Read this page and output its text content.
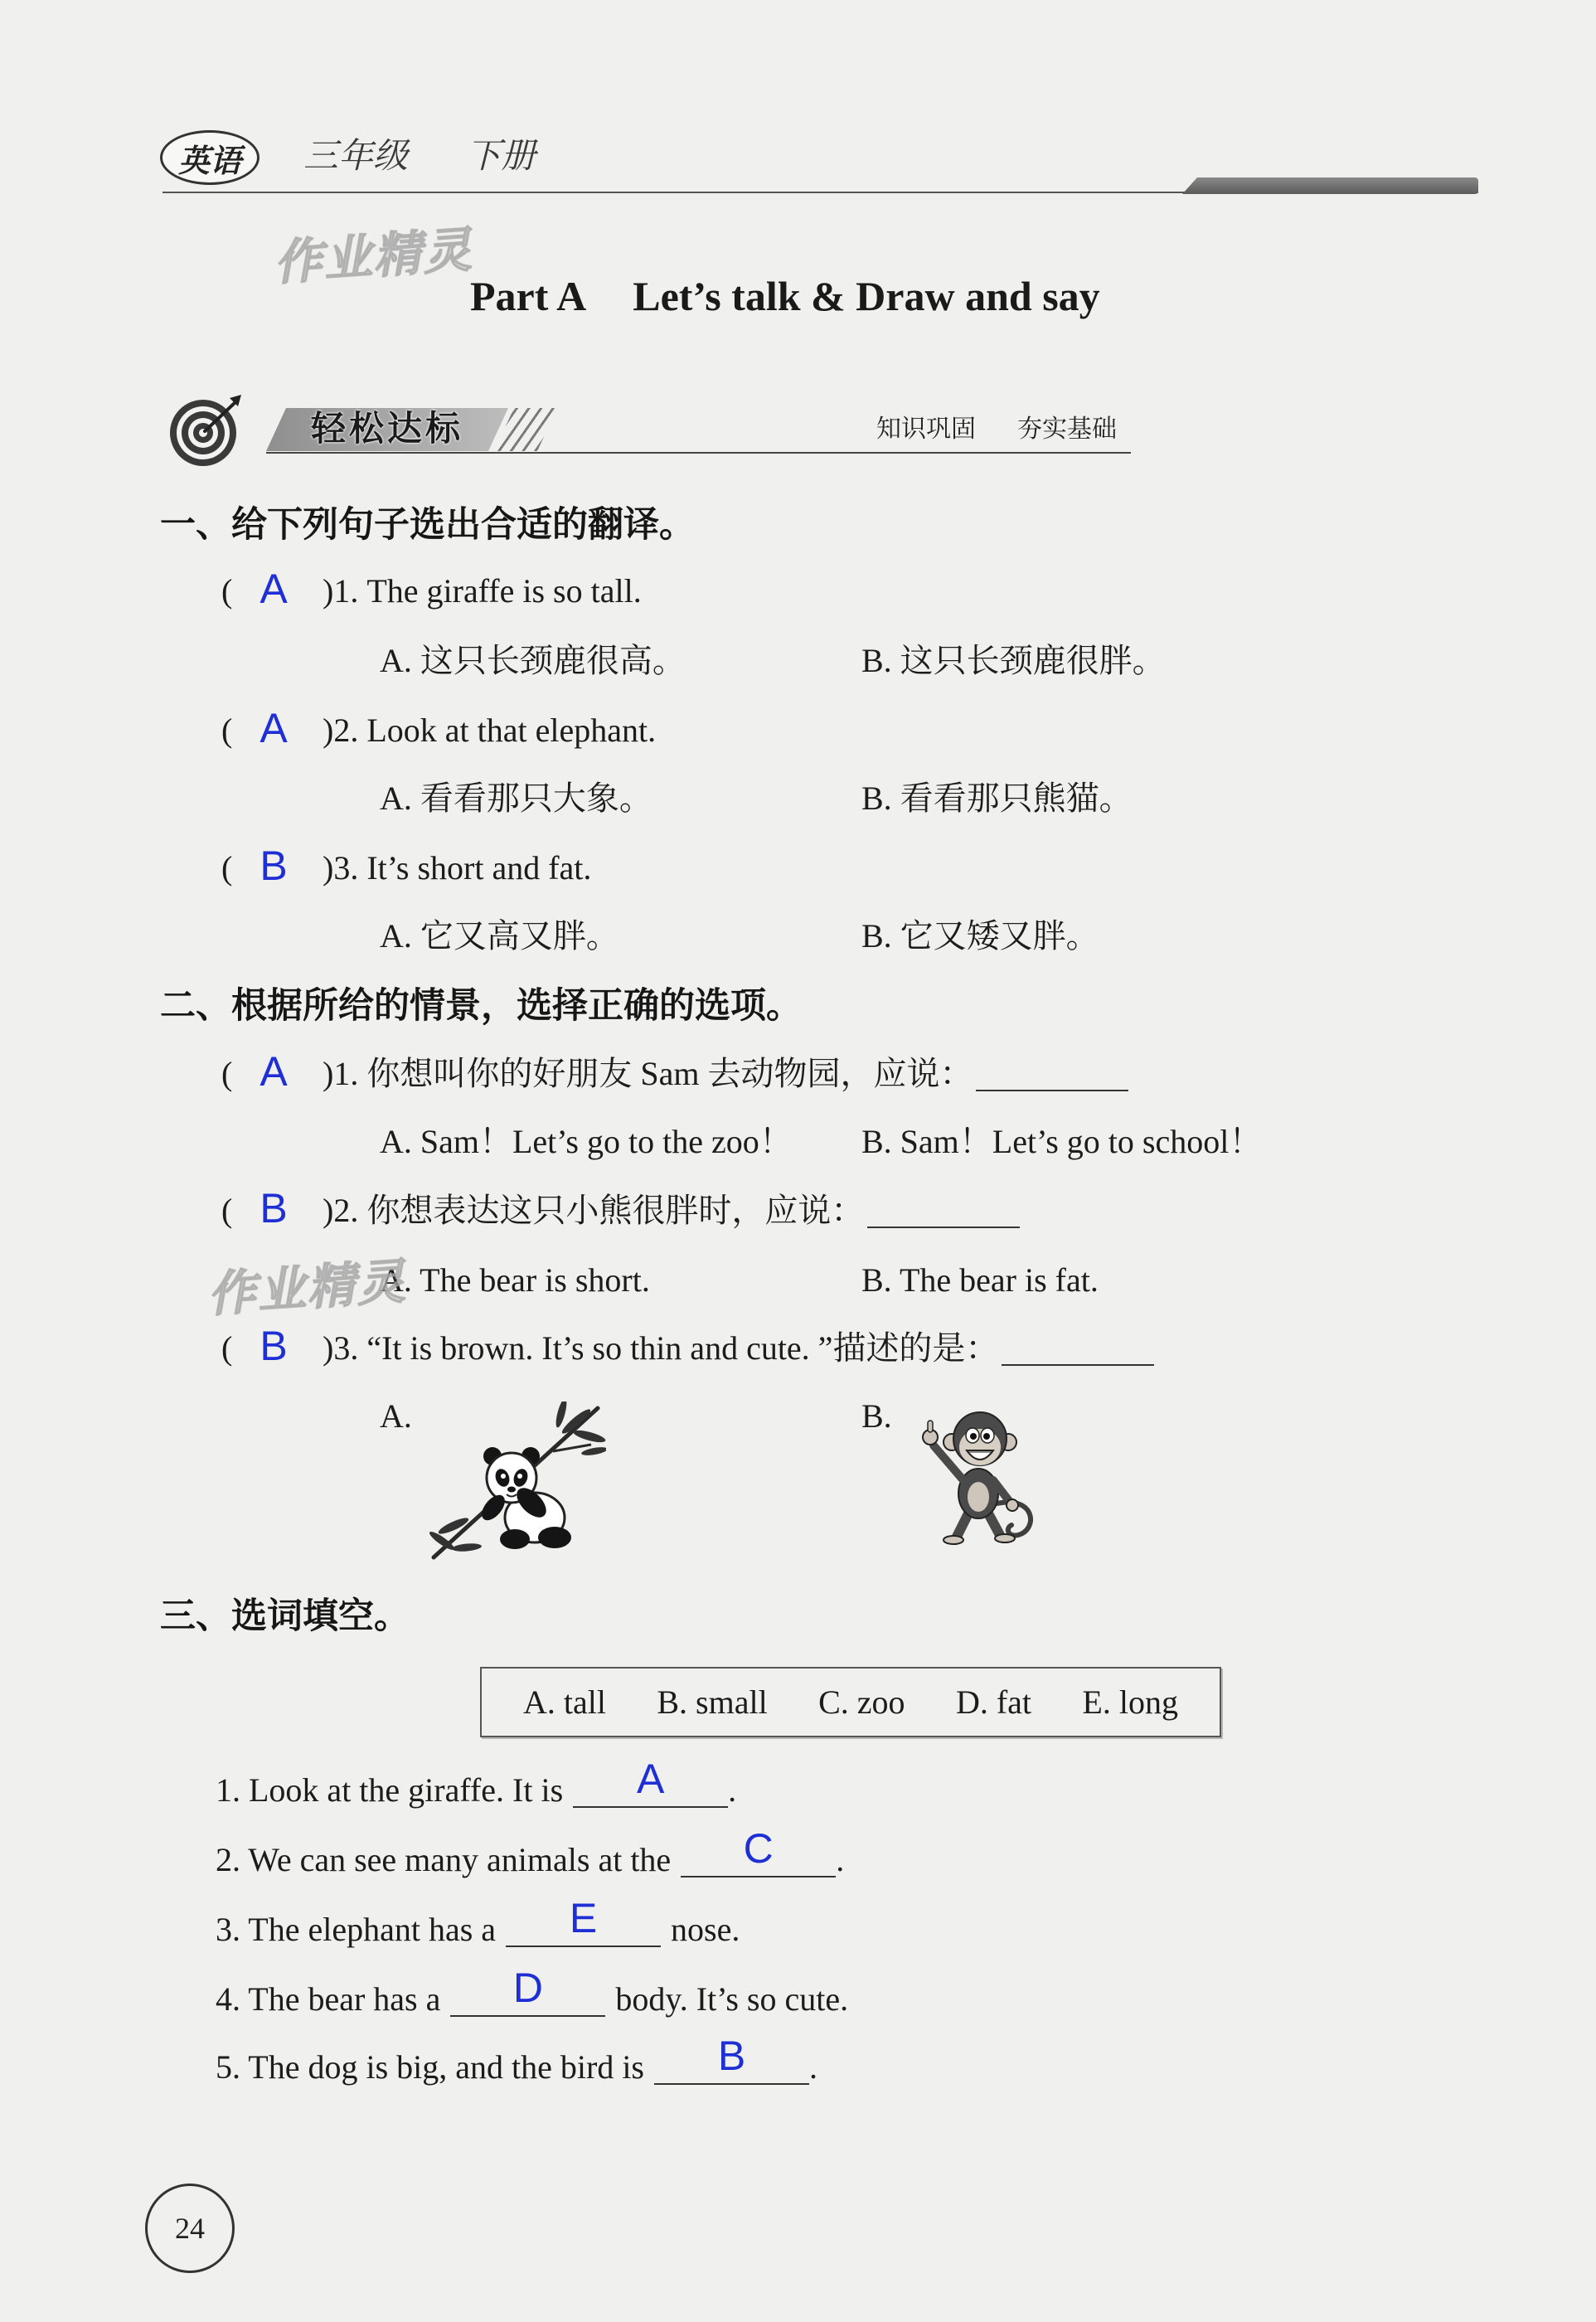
英语 三年级 下册
作业精灵
Part A Let’s talk & Draw and say
轻松达标	知识巩固 夯实基础
一、给下列句子选出合适的翻译。
( A	)1. The giraffe is so tall.
A. 这只长颈鹿很高。	B. 这只长颈鹿很胖。
( A	)2. Look at that elephant.
A. 看看那只大象。	B. 看看那只熊猫。
( B	)3. It’s short and fat.
A. 它又高又胖。	B. 它又矮又胖。
二、根据所给的情景，选择正确的选项。
( A	)1. 你想叫你的好朋友 Sam 去动物园，应说：
A. Sam！Let’s go to the zoo！ B. Sam！Let’s go to school！
( B	)2. 你想表达这只小熊很胖时，应说：
A. The bear is short.	B. The bear is fat.
作业精灵
( B	)3. “It is brown. It’s so thin and cute. ”描述的是：
A.	B.
三、选词填空。
A. tall B. small C. zoo D. fat E. long
1. Look at the giraffe. It is	A	.
2. We can see many animals at the	C	.
3. The elephant has a	E	nose.
4. The bear has a	D	body. It’s so cute.
5. The dog is big, and the bird is	B	.
24
